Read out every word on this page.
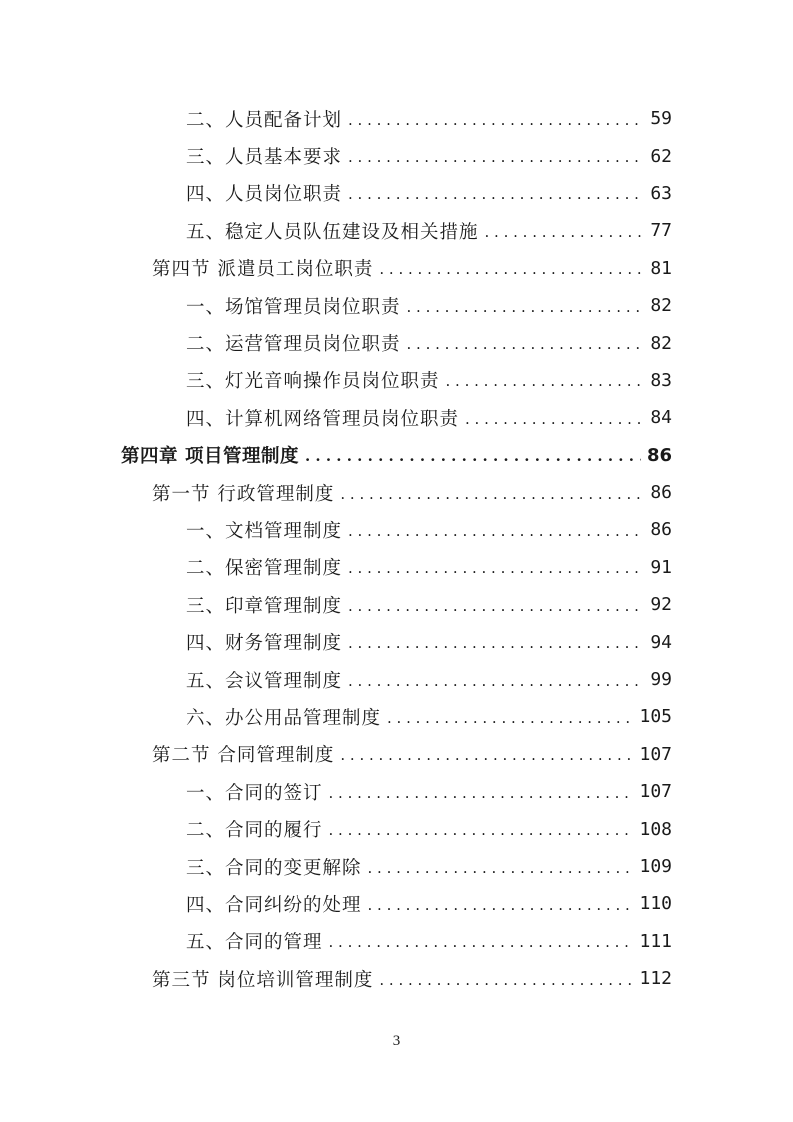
二、人员配备计划 . . .	59
三、人员基本要求 . . .	62
四、人员岗位职责 . . .	63
五、稳定人员队伍建设及相关措施 . . .	77
第四节 派遣员工岗位职责 . . .	81
一、场馆管理员岗位职责 . . .	82
二、运营管理员岗位职责 . . .	82
三、灯光音响操作员岗位职责 . . .	83
四、计算机网络管理员岗位职责 . . .	84
第四章 项目管理制度 . . .	86
第一节 行政管理制度 . . .	86
一、文档管理制度 . . .	86
二、保密管理制度 . . .	91
三、印章管理制度 . . .	92
四、财务管理制度 . . .	94
五、会议管理制度 . . .	99
六、办公用品管理制度 . . .	105
第二节 合同管理制度 . . .	107
一、合同的签订 . . .	107
二、合同的履行 . . .	108
三、合同的变更解除 . . .	109
四、合同纠纷的处理 . . .	110
五、合同的管理 . . .	111
第三节 岗位培训管理制度 . . .	112
3
